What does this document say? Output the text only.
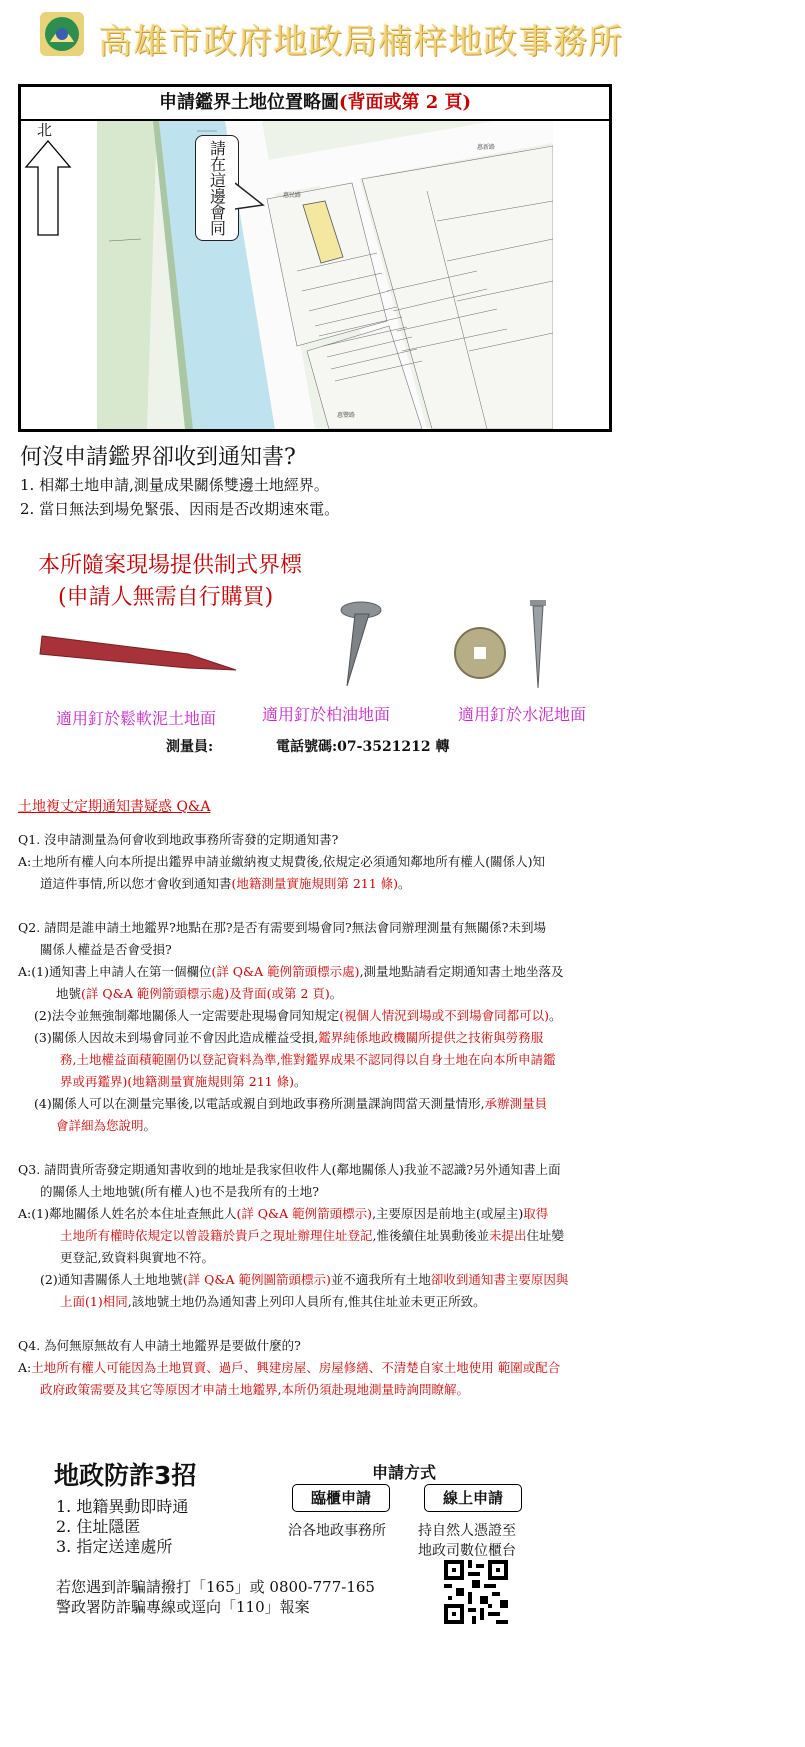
高雄市政府地政局楠梓地政事務所
申請鑑界土地位置略圖(背面或第 2 頁)
北
惠民路
惠新路
惠豐路
請在這邊會同
何沒申請鑑界卻收到通知書?
1. 相鄰土地申請,測量成果關係雙邊土地經界。
2. 當日無法到場免緊張、因雨是否改期速來電。
本所隨案現場提供制式界標
(申請人無需自行購買)
適用釘於鬆軟泥土地面	適用釘於柏油地面	適用釘於水泥地面
測量員:	電話號碼:07-3521212 轉
土地複丈定期通知書疑惑 Q&A
Q1. 沒申請測量為何會收到地政事務所寄發的定期通知書?
A:土地所有權人向本所提出鑑界申請並繳納複丈規費後,依規定必須通知鄰地所有權人(關係人)知
道這件事情,所以您才會收到通知書(地籍測量實施規則第 211 條)。
Q2. 請問是誰申請土地鑑界?地點在那?是否有需要到場會同?無法會同辦理測量有無關係?未到場
關係人權益是否會受損?
A:(1)通知書上申請人在第一個欄位(詳 Q&A 範例箭頭標示處),測量地點請看定期通知書土地坐落及
地號(詳 Q&A 範例箭頭標示處)及背面(或第 2 頁)。
(2)法令並無強制鄰地關係人一定需要赴現場會同知規定(視個人情況到場或不到場會同都可以)。
(3)關係人因故未到場會同並不會因此造成權益受損,鑑界純係地政機關所提供之技術與勞務服
務,土地權益面積範圍仍以登記資料為準,惟對鑑界成果不認同得以自身土地在向本所申請鑑
界或再鑑界)(地籍測量實施規則第 211 條)。
(4)關係人可以在測量完畢後,以電話或親自到地政事務所測量課詢問當天測量情形,承辦測量員
會詳細為您說明。
Q3. 請問貴所寄發定期通知書收到的地址是我家但收件人(鄰地關係人)我並不認識?另外通知書上面
的關係人土地地號(所有權人)也不是我所有的土地?
A:(1)鄰地關係人姓名於本住址查無此人(詳 Q&A 範例箭頭標示),主要原因是前地主(或屋主)取得
土地所有權時依規定以曾設籍於貴戶之現址辦理住址登記,惟後續住址異動後並未提出住址變
更登記,致資料與實地不符。
(2)通知書關係人土地地號(詳 Q&A 範例圖箭頭標示)並不適我所有土地卻收到通知書主要原因與
上面(1)相同,該地號土地仍為通知書上列印人員所有,惟其住址並未更正所致。
Q4. 為何無原無故有人申請土地鑑界是要做什麼的?
A:土地所有權人可能因為土地買賣、過戶、興建房屋、房屋修繕、不清楚自家土地使用 範圍或配合
政府政策需要及其它等原因才申請土地鑑界,本所仍須赴現地測量時詢問瞭解。
地政防詐3招
1. 地籍異動即時通
2. 住址隱匿
3. 指定送達處所
申請方式
臨櫃申請	線上申請
洽各地政事務所 持自然人憑證至
地政司數位櫃台
若您遇到詐騙請撥打「165」或 0800-777-165
警政署防詐騙專線或逕向「110」報案
